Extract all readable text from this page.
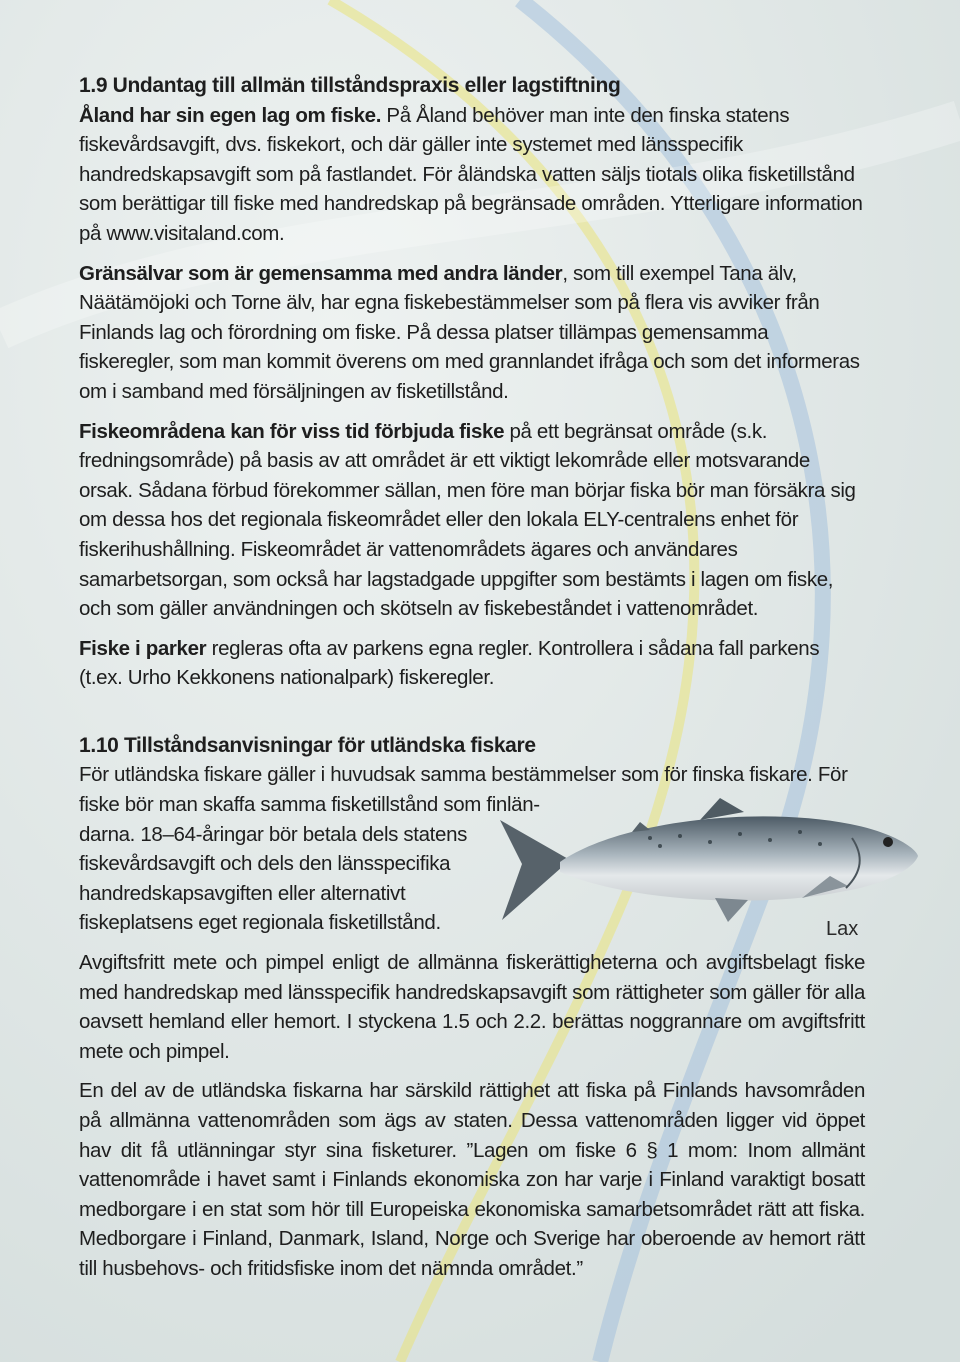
Lax
1.9 Undantag till allmän tillståndspraxis eller lagstiftning

Åland har sin egen lag om fiske. På Åland behöver man inte den finska statens fiskevårdsavgift, dvs. fiskekort, och där gäller inte systemet med länsspecifik handredskapsavgift som på fastlandet. För åländska vatten säljs tiotals olika fisketillstånd som berättigar till fiske med handredskap på begränsade områden. Ytterligare information på www.visitaland.com.

Gränsälvar som är gemensamma med andra länder, som till exempel Tana älv, Näätämöjoki och Torne älv, har egna fiskebestämmelser som på flera vis avviker från Finlands lag och förordning om fiske. På dessa platser tillämpas gemensamma fiskeregler, som man kommit överens om med grannlandet ifråga och som det informeras om i samband med försäljningen av fisketillstånd.

Fiskeområdena kan för viss tid förbjuda fiske på ett begränsat område (s.k. fredningsområde) på basis av att området är ett viktigt lekområde eller motsvarande orsak. Sådana förbud förekommer sällan, men före man börjar fiska bör man försäkra sig om dessa hos det regionala fiskeområdet eller den lokala ELY-centralens enhet för fiskerihushållning. Fiskeområdet är vattenområdets ägares och användares samarbetsorgan, som också har lagstadgade uppgifter som bestämts i lagen om fiske, och som gäller användningen och skötseln av fiskebeståndet i vattenområdet.

Fiske i parker regleras ofta av parkens egna regler. Kontrollera i sådana fall parkens (t.ex. Urho Kekkonens nationalpark) fiskeregler.

1.10 Tillståndsanvisningar för utländska fiskare

För utländska fiskare gäller i huvudsak samma bestämmelser som för finska fiskare. För fiske bör man skaffa samma fisketillstånd som finlän-

darna. 18–64-åringar bör betala dels statens fiskevårdsavgift och dels den länsspecifika handredskapsavgiften eller alternativt fiskeplatsens eget regionala fisketillstånd.

Avgiftsfritt mete och pimpel enligt de allmänna fiskerättigheterna och avgiftsbelagt fiske med handredskap med länsspecifik handredskapsavgift som rättigheter som gäller för alla oavsett hemland eller hemort. I styckena 1.5 och 2.2. berättas noggrannare om avgiftsfritt mete och pimpel.

En del av de utländska fiskarna har särskild rättighet att fiska på Finlands havsområden på allmänna vattenområden som ägs av staten. Dessa vattenområden ligger vid öppet hav dit få utlänningar styr sina fisketurer. ”Lagen om fiske 6 § 1 mom: Inom allmänt vattenområde i havet samt i Finlands ekonomiska zon har varje i Finland varaktigt bosatt medborgare i en stat som hör till Europeiska ekonomiska samarbetsområdet rätt att fiska. Medborgare i Finland, Danmark, Island, Norge och Sverige har oberoende av hemort rätt till husbehovs- och fritidsfiske inom det nämnda området.”
